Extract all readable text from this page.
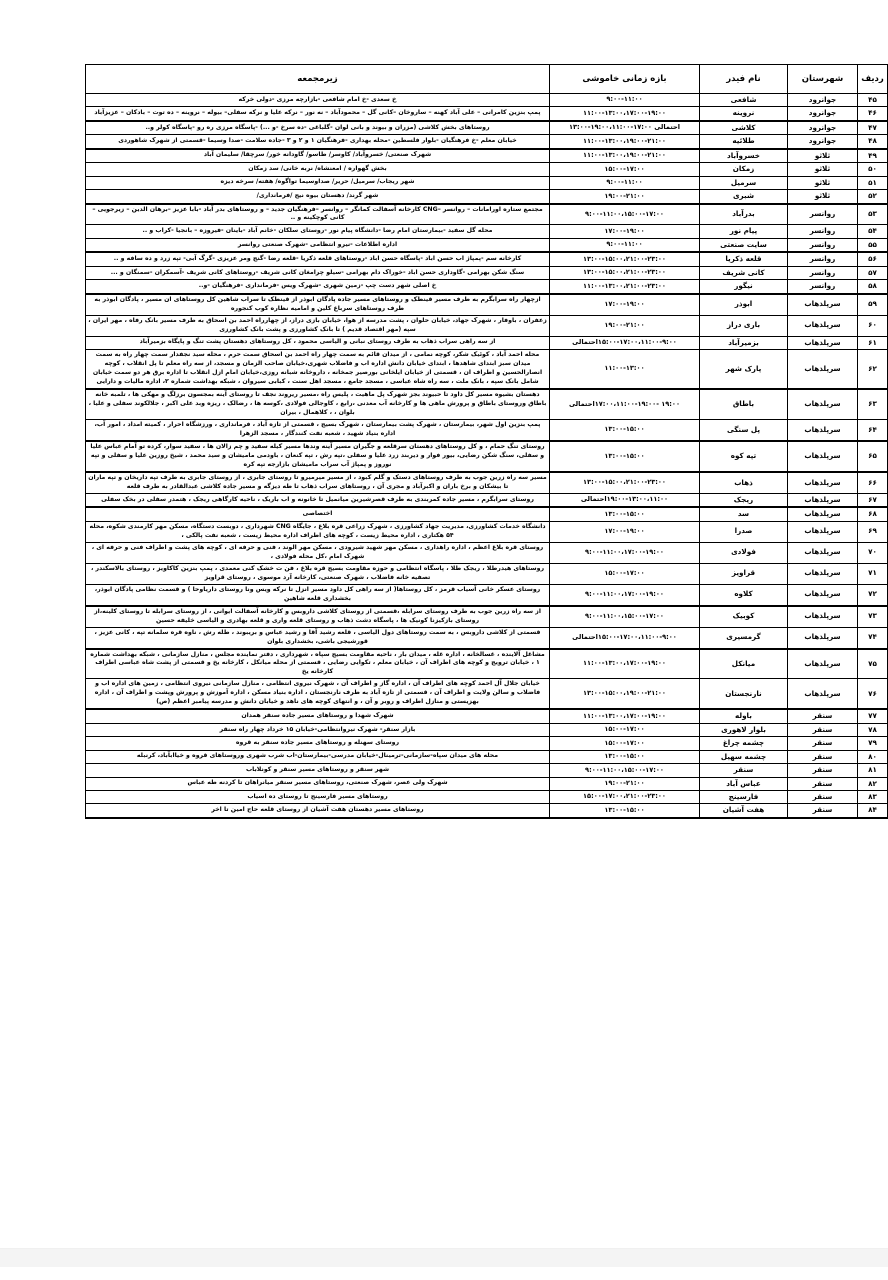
ردیف	شهرستان	نام فیدر	بازه زمانی خاموشی	زیرمجمعه
۴۵	جوانرود	شافعی	۹:۰۰-۱۱:۰۰	خ سعدی -خ امام شافعی -بازارچه مرزی -دولی خرکه
۴۶	جوانرود	نروینه	۱۱:۰۰-۱۳:۰۰،۱۷:۰۰-۱۹:۰۰	پمپ بنزین کامرانی – علی آباد کهنه – ساروخان –کانی گل – محمودآباد – نه نور – نرکه علیا و نرکه سفلی– بیوله – نروینه – ده توت – بادکان – عزیزآباد
۴۷	جوانرود	کلاشی	احتمالی ۱۷:۰۰-۱۹:۰۰،۱۱:۰۰-۱۳:۰۰	روستاهای بخش کلاشی (مزران و بیوند و بانی لوان -گلباغی -ده سرخ -و ...) -پاسگاه مرزی ره رو -پاسگاه کولر و..
۴۸	جوانرود	طلائیه	۱۱:۰۰-۱۳:۰۰،۱۹:۰۰-۲۱:۰۰	خیابان معلم -خ فرهنگیان -بلوار فلسطین -محله بهداری -فرهنگیان ۱ و ۲ و ۳ -جاده سلامت -صدا وسیما -قسمتی از شهرک شاهوردی
۴۹	ثلاثو	خسروآباد	۱۱:۰۰-۱۳:۰۰،۱۹:۰۰-۲۱:۰۰	شهرک صنعتی/ خسروآباد/ کاوسر/ طاسو/ گاودانه خور/ سرچقا/ سلیمان آباد
۵۰	ثلاثو	زمکان	۱۵:۰۰-۱۷:۰۰	بخش گهواره / امعنشاه/ نربه خانی/ سد زمکان
۵۱	ثلاثو	سرمیل	۹:۰۰-۱۱:۰۰	شهر ریجاب/ سرمیل/ حریر/ صداوسیما تواگوه/ هفته/ سرخه دیزه
۵۲	ثلاثو	شبری	۱۹:۰۰-۲۱:۰۰	شهر گرند/ دهستان بیوه نیج /فرمانداری/
۵۳	روانسر	بدرآباد	۹:۰۰-۱۱:۰۰،۱۵:۰۰-۱۷:۰۰	مجتمع ستاره اورامانات – روانسر –CNG کارخانه آسفالت کمانگر – روانسر –فرهنگیان جدید – و روستاهای بدر آباد -بابا عزیز –برهان الدین – زیرجویی – کانی کوچکینه و ..
۵۴	روانسر	پیام نور	۱۷:۰۰-۱۹:۰۰	محله گل سفید -بیمارستان امام رضا -دانشگاه پیام نور -روستای سلکان -خانم آباد -باینان -فیروزه – بانجیا -کراب و ..
۵۵	روانسر	سایت صنعتی	۹:۰۰-۱۱:۰۰	اداره اطلاعات -نیرو انتظامی -شهرک صنعتی روانسر
۵۶	روانسر	قلعه ذکریا	۱۳:۰۰-۱۵:۰۰،۲۱:۰۰-۲۳:۰۰	کارخانه سم -پمپاژ اب حسن اباد -پاسگاه حسن اباد -روستاهای قلعه ذکریا -قلعه رضا -گنج ومر عزیزی -گرگ آبی- تپه زرد و ده سافه و ..
۵۷	روانسر	کانی شریف	۱۳:۰۰-۱۵:۰۰،۲۱:۰۰-۲۳:۰۰	سنگ شکن بهرامی -گاوداری حسن اباد -خوراک دام بهرامی -سیلو چرامغان کانی شریف -روستاهای کانی شریف -آسمکران -سمنگان و ...
۵۸	روانسر	نیگور	۱۱:۰۰-۱۳:۰۰،۲۱:۰۰-۲۳:۰۰	خ اصلی شهر دست چپ -زمین شهری -شهرک ویس -فرمانداری -فرهنگیان -و..
۵۹	سرپلذهاب	ابوذر	۱۷:۰۰-۱۹:۰۰	ازچهار راه سرابگرم به طرف مسیر قینطک و روستاهای مسیر جاده پادگان ابوذر از قینطک تا سراب شاهین کل روستاهای ان مسیر ، پادگان ابوذر به طرف روستاهای سرباغ کلین و امامیه نظاره کوب کنجوره
۶۰	سرپلذهاب	باری دراز	۱۹:۰۰-۲۱:۰۰	زعفران ، باوفار ، شهرک جهاد، خیابان حلوان ، پشت مدرسه از هوا، خیابان بازی دراز، از چهارراه احمد بن اسحاق به طرف مسیر بانک رفاه ، مهر ایران ، سپه (مهر اقتصاد قدیم ) تا بانک کشاورزی و پشت بانک کشاورزی
۶۱	سرپلذهاب	بزمیرآباد	۱۵:۰۰-۱۷:۰۰،۱۱:۰۰-۹:۰۰احتمالی	از سه راهی سراب ذهاب به طرف روستای نبانی و الیاسی محمود ، کل روستاهای دهستان پشت تنگ و پایگاه بزمیرآباد
۶۲	سرپلذهاب	پارک شهر	۱۱:۰۰-۱۳:۰۰	محله احمد آباد ، کوئیک شکر، کوچه نمامی ، از میدان قائم به سمت چهار راه احمد بن اسحاق سمت حرم ، محله سید نجفدار سمت چهار راه به سمت میدان سبز ابتدای شاهدها ، ابتدای خیابان دانش اداره اب و فاضلاب شهری،خیابان صاحب الزمان و مسجد، از سه راه معلم تا پل انقلاب ، کوچه انصارالحسین و اطراف ان ، قسمتی از خیابان ایلخانی بورصیر جمخانه ، داروخانه شبانه روزی،خیابان امام ازل انقلاب تا اداره برق هر دو سمت خیابان شامل بانک سپه ، بانک ملت ، سه راه شاه عباسی ، مسجد جامع ، مسجد اهل سنت ، کبابی سیروان ، شبکه بهداشت شماره ۲، اداره مالیات و دارایی
۶۳	سرپلذهاب	باطاق	۱۹:۰۰ -۱۷:۰۰،۱۱:۰۰-۱۹:۰۰احتمالی	دهستان بشیوه مسیر کل داود تا حبیوند بجز شهرک پل ماهیت ، پلیس راه ،مسیر ریروند نجف تا روستای آینه بمجسون برزلگ و مهکی ها ، تلمبه خانه باطاق وروستای باطاق و پرورش ماهی ها و کارخانه آب معدنی ،رابع ، کاوجالی فولادی ،کوسه ها ، رضالک ، ریزه وبد علی اکبر ، جلالکوند سفلی و علیا ، بلوان ، ، کلاهمال ، بیران
۶۴	سرپلذهاب	پل سنگی	۱۳:۰۰-۱۵:۰۰	پمپ بنزین اول شهر، بیمارستان ، شهرک پشت بیمارستان ، شهرک بسیج ، قسمتی از تازه آباد ، فرمانداری ، ورزشگاه احرار ، کمیته امداد ، امور آب، اداره بنیاد شهید ، شعبه نفت کنندگار ، مسجد الزهرا
۶۵	سرپلذهاب	تپه کوه	۱۳:۰۰-۱۵:۰۰	روستای تنگ حمام ، و کل روستاهای دهستان سرقلعه و جگیران مسیر آینه وندها مسیر کیله سفید و چم زالان ها ، سفید سوار، کرده تو آمام عباس علیا و سفلی، سنگ شکن رضایی، بیور فوار و دیربند زرد علیا و سفلی ،تپه رش ، تپه کنعان ، باودمی مامیشان و سید محمد ، شیخ روزین علیا و سفلی و تپه نوروز و پمپاژ آب سراب مامیشان بازارجه تپه کره
۶۶	سرپلذهاب	ذهاب	۱۳:۰۰-۱۵:۰۰،۲۱:۰۰-۲۳:۰۰	مسیر سه راه زرین جوب به طرف روستاهای دستک و گلم کبود ، از مسیر میرمیرو تا روستای جابری ، از روستای جابری به طرف تپه داریخان و تپه ماران تا بیشکان و برخ باران و اکبرآباد و مجری آن ، روستاهای سراب ذهاب تا طه دیزگه و مسیر جاده کلاشی عبدالقادر به طرف قلعه
۶۷	سرپلذهاب	ریجک	۱۹:۰۰-۱۳:۰۰،۱۱:۰۰احتمالی	روستای سرابگرم ، مسیر جاده کمربندی به طرف قصرشیرین میانمیل تا خانونه و اب باریک ، ناحیه کارگاهی ریجک ، هتمدر سفلی در بخک سفلی
۶۸	سرپلذهاب	سد	۱۳:۰۰-۱۵:۰۰	اختصاصی
۶۹	سرپلذهاب	صدرا	۱۷:۰۰-۱۹:۰۰	دانشگاه خدمات کشاورزی، مدیریت جهاد کشاورزی ، شهرک زراعی قره بلاغ ، جایگاه CNG شهرداری ، دوبست دستگاه، مسکن مهر کارمندی شکوه، محله ۵۴ هکتاری ، اداره محیط زیست ، کوچه های اطراف اداره محیط زیست ، شعبه نفت پالکی ،
۷۰	سرپلذهاب	فولادی	۹:۰۰-۱۱:۰۰،۱۷:۰۰-۱۹:۰۰	روستای قره بلاغ اعظم ، اداره راهداری ، مسکن مهر شهید شیرودی ، مسکن مهر الوند ، فنی و حرفه ای ، کوچه های پشت و اطراف فنی و حرفه ای ، شهرک امام ،کل محله فولادی ،
۷۱	سرپلذهاب	قراویز	۱۵:۰۰-۱۷:۰۰	روستاهای هیدرطلا ، ریجک طلا ، پاسگاه انتظامی و حوزه مقاومت بسیج قره بلاغ ، فن ت خشک کنی معمدی ، پمپ بنزین کاکاویز ، روستای بالاسکندر ، تصفیه خانه فاضلاب ، شهرک صنعتی، کارخانه آرد موسوی ، روستای قراویز
۷۲	سرپلذهاب	کلاوه	۹:۰۰-۱۱:۰۰،۱۷:۰۰-۱۹:۰۰	روستای عسکر خانی آسیاب قرمز ، کل روستاها( از سه راهی کل داود مسیر انزل تا نرکه ویس ونا روستای داریاوحا ) و قسمت نظامی پادگان ابوذر، بخشداری قلعه شاهین
۷۳	سرپلذهاب	کوبیک	۹:۰۰-۱۱:۰۰،۱۵:۰۰-۱۷:۰۰	از سه راه زرین جوب به طرف روستای سرابله ،قسمتی از روستای کلاشی داروبس و کارخانه آسفالت ایوانی ، از روستای سرابله تا روستای کلینه،از روستای بازکیزنا کونیک ها ، پاسگاه دشت ذهاب و روستای قلعه واری و قلعه بهادری و الیاسی خلیفه حسین
۷۴	سرپلذهاب	گرمسیری	۱۵:۰۰-۱۷:۰۰،۱۱:۰۰-۹:۰۰احتمالی	قسمتی از کلاشی داروبس ، به سمت روستاهای دول الیاسی ، قلعه رشید آقا و رشید عباس و بریبوند ، طله رش ، ناوه قره سلمانه تپه ، کانی عزیز ، قورشیجی باشی، بخشداری بلوان
۷۵	سرپلذهاب	میانکل	۱۱:۰۰-۱۳:۰۰،۱۷:۰۰-۱۹:۰۰	مشاغل آلاینده ، غسالخانه ، اداره غله ، میدان بار ، ناحیه مقاومت بسیج سپاه ، شهرداری ، دفتر نماینده مجلس ، منازل سازمانی ، شبکه بهداشت شماره ۱ ، خیابان ترویج و کوچه های اطراف آن ، خیابان معلم ، تکوایی رضایی ، قسمتی از محله میانکل ، کارخانه یخ و قسمتی از پشت شاه عباسی اطراف کارخانه یخ
۷۶	سرپلذهاب	نارنجستان	۱۳:۰۰-۱۵:۰۰،۱۹:۰۰-۲۱:۰۰	خیابان جلال آل احمد کوچه های اطراف آن ، اداره گاز و اطراف آن ، شهرک نیروی انتظامی ، منازل سازمانی نیروی انتظامی ، زمین های اداره اب و فاضلاب و سالن ولایت و اطراف آن ، قسمتی از تازه آباد به طرف نارنجستان ، اداره بنیاد مسکن ، اداره آموزش و پرورش وپشت و اطراف آن ، اداره بهزیستی و منازل اطراف و روبر و آن ، و انتهای کوچه های ناهد و خیابان دانش و مدرسه پیامبر اعظم (ص)
۷۷	سنقر	باوله	۱۱:۰۰-۱۳:۰۰،۱۷:۰۰-۱۹:۰۰	شهرک شهدا و روستاهای مسیر جاده سنقر همدان
۷۸	سنقر	بلوار لاهوری	۱۵:۰۰-۱۷:۰۰	بازار سنقر- شهرک نیروانتظامی-خیابان ۱۵ خرداد چهار راه سنقر
۷۹	سنقر	چشمه چراغ	۱۵:۰۰-۱۷:۰۰	روستای سهنله و روستاهای مسیر جاده سنقر به قروه
۸۰	سنقر	چشمه سهیل	۱۳:۰۰-۱۵:۰۰	محله های میدان سپاه-سازمانی-ترمینال-خیابان مدرسی-بیمارستان-اب شرب شهری وروستاهای قروه و خیاابآباد، کرنبله
۸۱	سنقر	سنقر	۹:۰۰-۱۱:۰۰،۱۵:۰۰-۱۷:۰۰	شهر سنقر و روستاهای مسیر سنقر و کونلاباب
۸۲	سنقر	عباس آباد	۱۹:۰۰-۲۱:۰۰	شهرک ولی عصر، شهرک صنعتی، روستاهای مسیر سنقر میانراهان تا کردنه طه عباس
۸۳	سنقر	فارسینج	۱۵:۰۰-۱۷:۰۰،۲۱:۰۰-۲۳:۰۰	روستاهای مسیر فارسینج تا روستای ده اسیاب
۸۴	سنقر	هفت آشیان	۱۳:۰۰-۱۵:۰۰	روستاهای مسیر دهستان هفت آشیان از روستای قلعه حاج امین تا اخر
